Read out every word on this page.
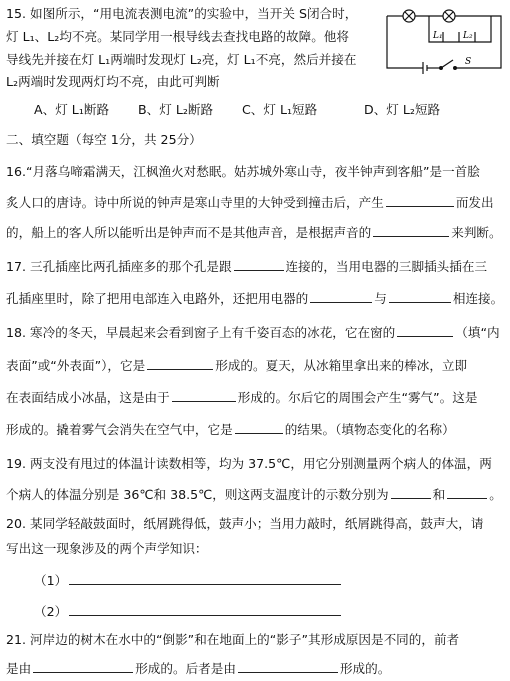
15. 如图所示，“用电流表测电流”的实验中，当开关 S闭合时，
灯 L₁、L₂均不亮。某同学用一根导线去查找电路的故障。他将
导线先并接在灯 L₁两端时发现灯 L₂亮，灯 L₁不亮，然后并接在
L₂两端时发现两灯均不亮，由此可判断
A、灯 L₁断路 B、灯 L₂断路 C、灯 L₁短路	D、灯 L₂短路
L₁ L₂
S
二、填空题（每空 1分，共 25分）
16.“月落乌啼霜满天，江枫渔火对愁眠。姑苏城外寒山寺，夜半钟声到客船”是一首脍
炙人口的唐诗。诗中所说的钟声是寒山寺里的大钟受到撞击后，产生	而发出
的，船上的客人所以能听出是钟声而不是其他声音，是根据声音的	来判断。
17. 三孔插座比两孔插座多的那个孔是跟	连接的，当用电器的三脚插头插在三
孔插座里时，除了把用电部连入电路外，还把用电器的	与	相连接。
18. 寒冷的冬天，早晨起来会看到窗子上有千姿百态的冰花，它在窗的	（填“内
表面”或“外表面”），它是	形成的。夏天，从冰箱里拿出来的棒冰，立即
在表面结成小冰晶，这是由于	形成的。尔后它的周围会产生“雾气”。这是
形成的。撬着雾气会消失在空气中，它是	的结果。（填物态变化的名称）
19. 两支没有甩过的体温计读数相等，均为 37.5℃，用它分别测量两个病人的体温，两
个病人的体温分别是 36℃和 38.5℃，则这两支温度计的示数分别为	和	。
20. 某同学轻敲鼓面时，纸屑跳得低，鼓声小；当用力敲时，纸屑跳得高，鼓声大，请
写出这一现象涉及的两个声学知识：
（1）
（2）
21. 河岸边的树木在水中的“倒影”和在地面上的“影子”其形成原因是不同的，前者
是由	形成的。后者是由	形成的。
